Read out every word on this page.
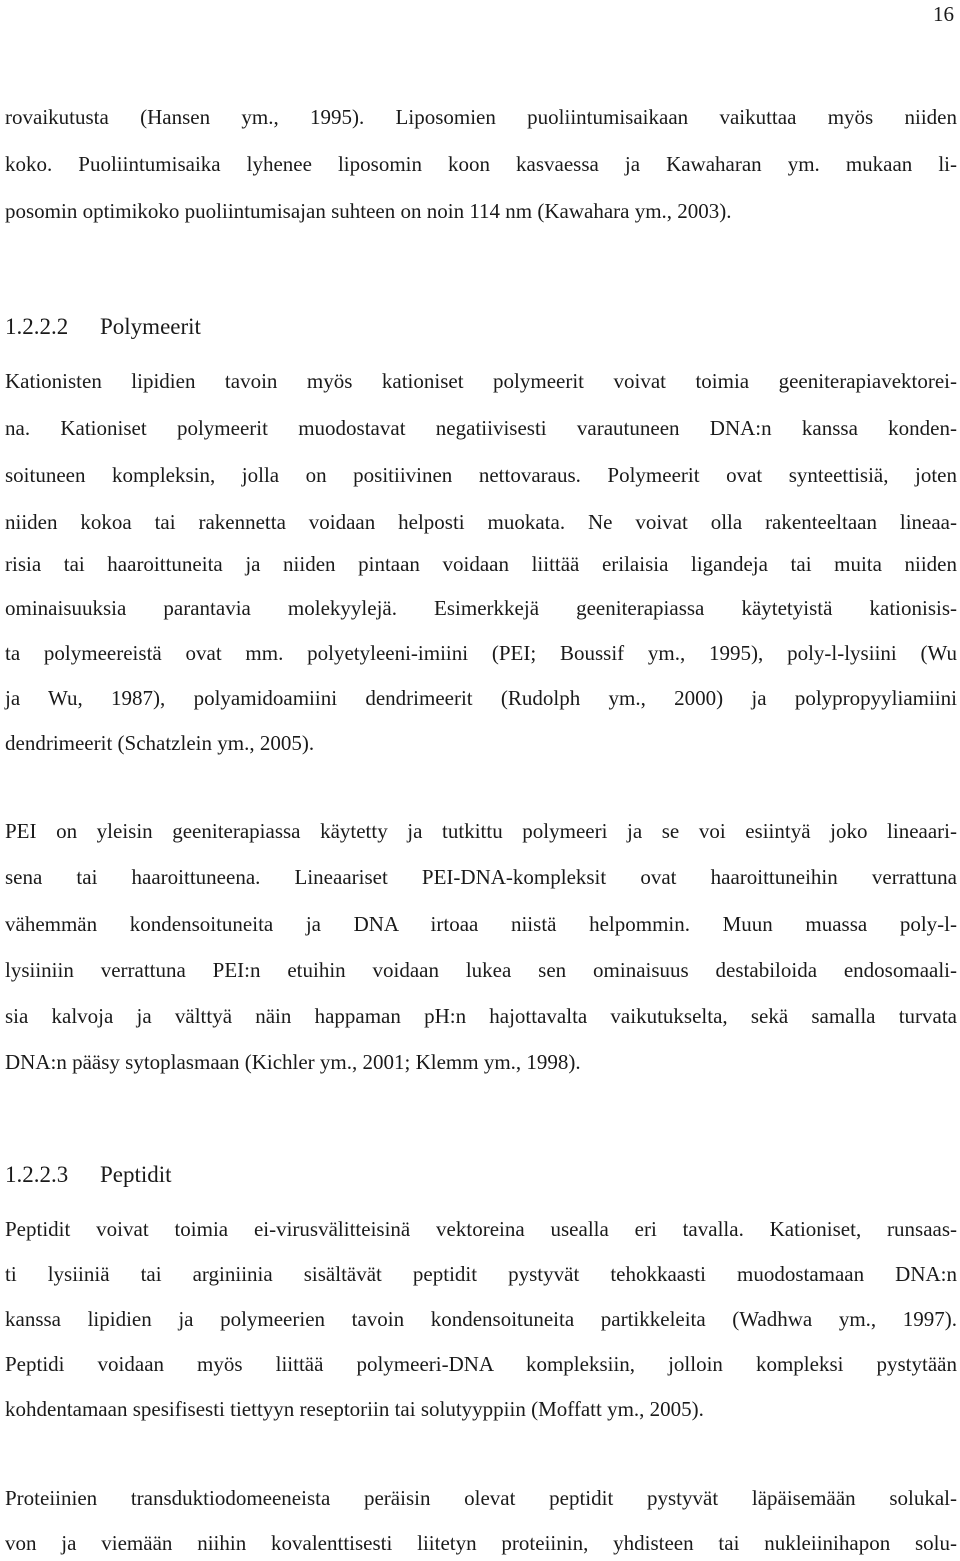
16
rovaikutusta (Hansen ym., 1995). Liposomien puoliintumisaikaan vaikuttaa myös niiden
koko. Puoliintumisaika lyhenee liposomin koon kasvaessa ja Kawaharan ym. mukaan li-
posomin optimikoko puoliintumisajan suhteen on noin 114 nm (Kawahara ym., 2003).
1.2.2.2 Polymeerit
Kationisten lipidien tavoin myös kationiset polymeerit voivat toimia geeniterapiavektorei-
na. Kationiset polymeerit muodostavat negatiivisesti varautuneen DNA:n kanssa konden-
soituneen kompleksin, jolla on positiivinen nettovaraus. Polymeerit ovat synteettisiä, joten
niiden kokoa tai rakennetta voidaan helposti muokata. Ne voivat olla rakenteeltaan lineaa-
risia tai haaroittuneita ja niiden pintaan voidaan liittää erilaisia ligandeja tai muita niiden
ominaisuuksia parantavia molekyylejä. Esimerkkejä geeniterapiassa käytetyistä kationisis-
ta polymeereistä ovat mm. polyetyleeni-imiini (PEI; Boussif ym., 1995), poly-l-lysiini (Wu
ja Wu, 1987), polyamidoamiini dendrimeerit (Rudolph ym., 2000) ja polypropyyliamiini
dendrimeerit (Schatzlein ym., 2005).
PEI on yleisin geeniterapiassa käytetty ja tutkittu polymeeri ja se voi esiintyä joko lineaari-
sena tai haaroittuneena. Lineaariset PEI-DNA-kompleksit ovat haaroittuneihin verrattuna
vähemmän kondensoituneita ja DNA irtoaa niistä helpommin. Muun muassa poly-l-
lysiiniin verrattuna PEI:n etuihin voidaan lukea sen ominaisuus destabiloida endosomaali-
sia kalvoja ja välttyä näin happaman pH:n hajottavalta vaikutukselta, sekä samalla turvata
DNA:n pääsy sytoplasmaan (Kichler ym., 2001; Klemm ym., 1998).
1.2.2.3 Peptidit
Peptidit voivat toimia ei-virusvälitteisinä vektoreina usealla eri tavalla. Kationiset, runsaas-
ti lysiiniä tai arginiinia sisältävät peptidit pystyvät tehokkaasti muodostamaan DNA:n
kanssa lipidien ja polymeerien tavoin kondensoituneita partikkeleita (Wadhwa ym., 1997).
Peptidi voidaan myös liittää polymeeri-DNA kompleksiin, jolloin kompleksi pystytään
kohdentamaan spesifisesti tiettyyn reseptoriin tai solutyyppiin (Moffatt ym., 2005).
Proteiinien transduktiodomeeneista peräisin olevat peptidit pystyvät läpäisemään solukal-
von ja viemään niihin kovalenttisesti liitetyn proteiinin, yhdisteen tai nukleiinihapon solu-
